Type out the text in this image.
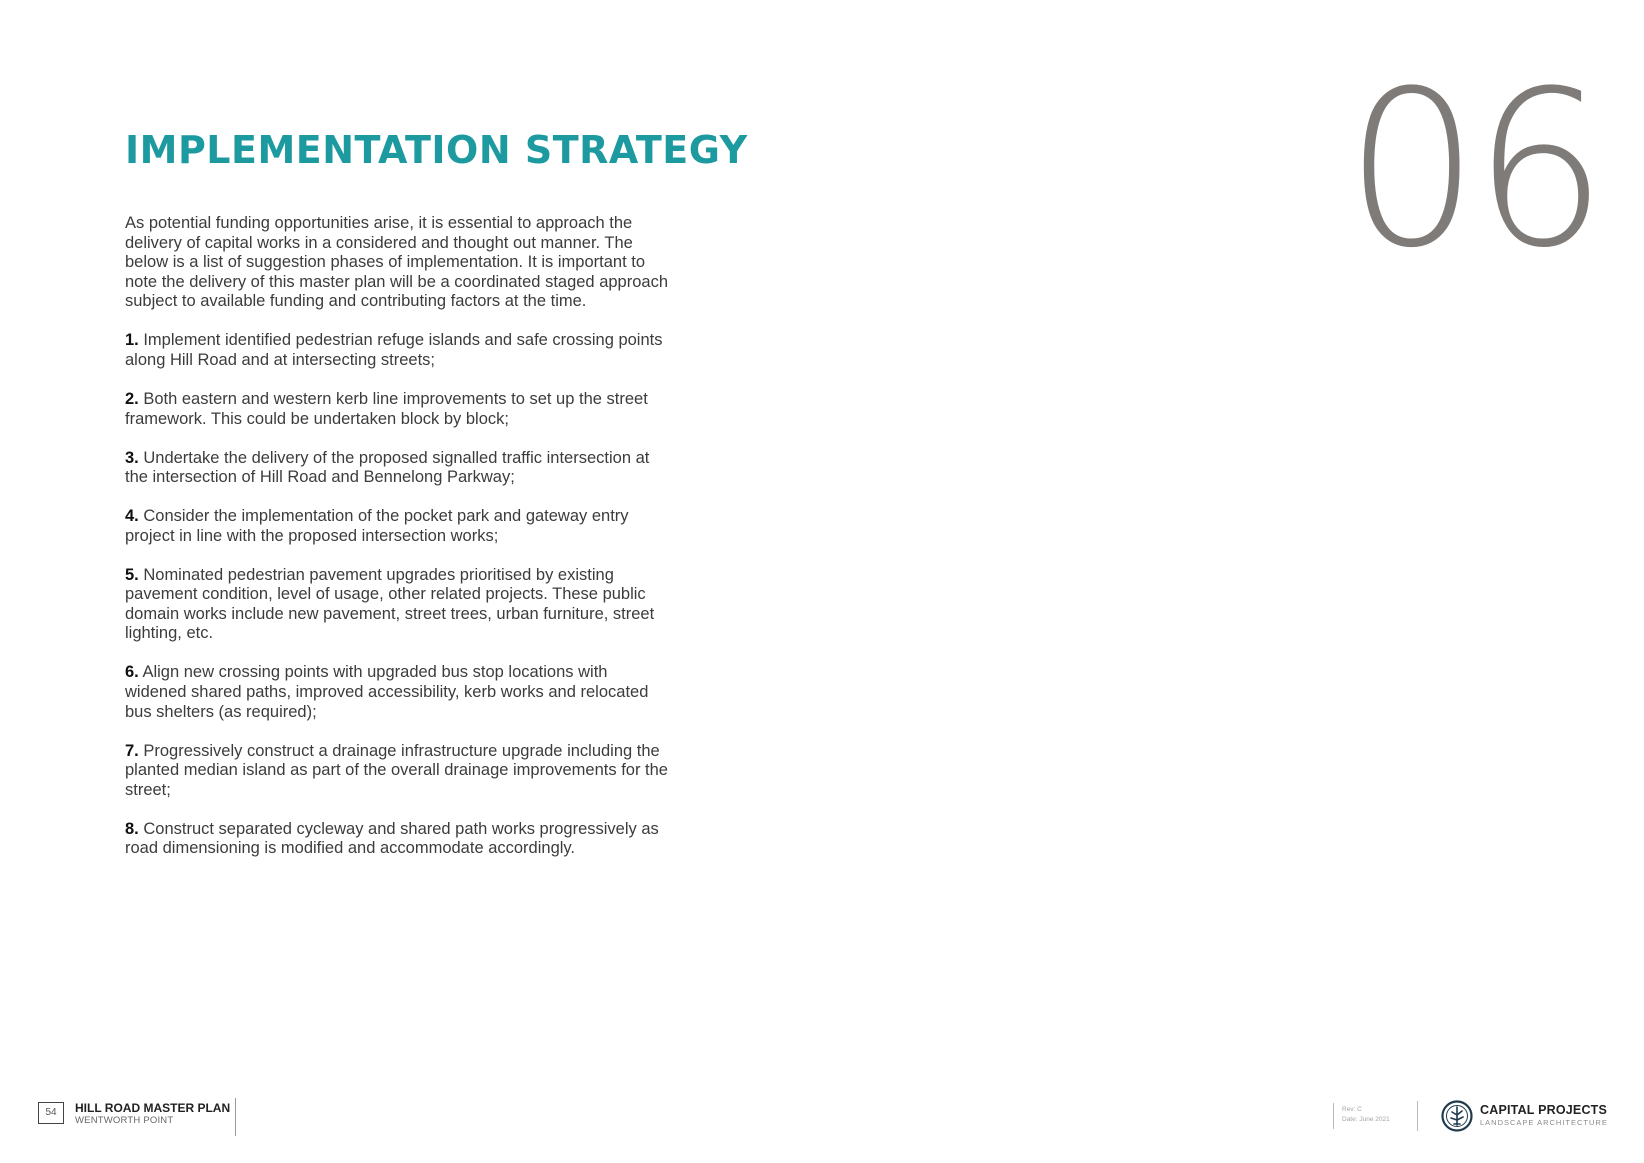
IMPLEMENTATION STRATEGY	06

As potential funding opportunities arise, it is essential to approach the delivery of capital works in a considered and thought out manner. The below is a list of suggestion phases of implementation. It is important to note the delivery of this master plan will be a coordinated staged approach subject to available funding and contributing factors at the time.

1. Implement identified pedestrian refuge islands and safe crossing points along Hill Road and at intersecting streets;

2. Both eastern and western kerb line improvements to set up the street framework. This could be undertaken block by block;

3. Undertake the delivery of the proposed signalled traffic intersection at the intersection of Hill Road and Bennelong Parkway;

4. Consider the implementation of the pocket park and gateway entry project in line with the proposed intersection works;

5. Nominated pedestrian pavement upgrades prioritised by existing pavement condition, level of usage, other related projects. These public domain works include new pavement, street trees, urban furniture, street lighting, etc.

6. Align new crossing points with upgraded bus stop locations with widened shared paths, improved accessibility, kerb works and relocated bus shelters (as required);

7. Progressively construct a drainage infrastructure upgrade including the planted median island as part of the overall drainage improvements for the street;

8. Construct separated cycleway and shared path works progressively as road dimensioning is modified and accommodate accordingly.

54	HILL ROAD MASTER PLAN
WENTWORTH POINT
Rev: C
Date: June 2021
CAPITAL PROJECTS
LANDSCAPE ARCHITECTURE
